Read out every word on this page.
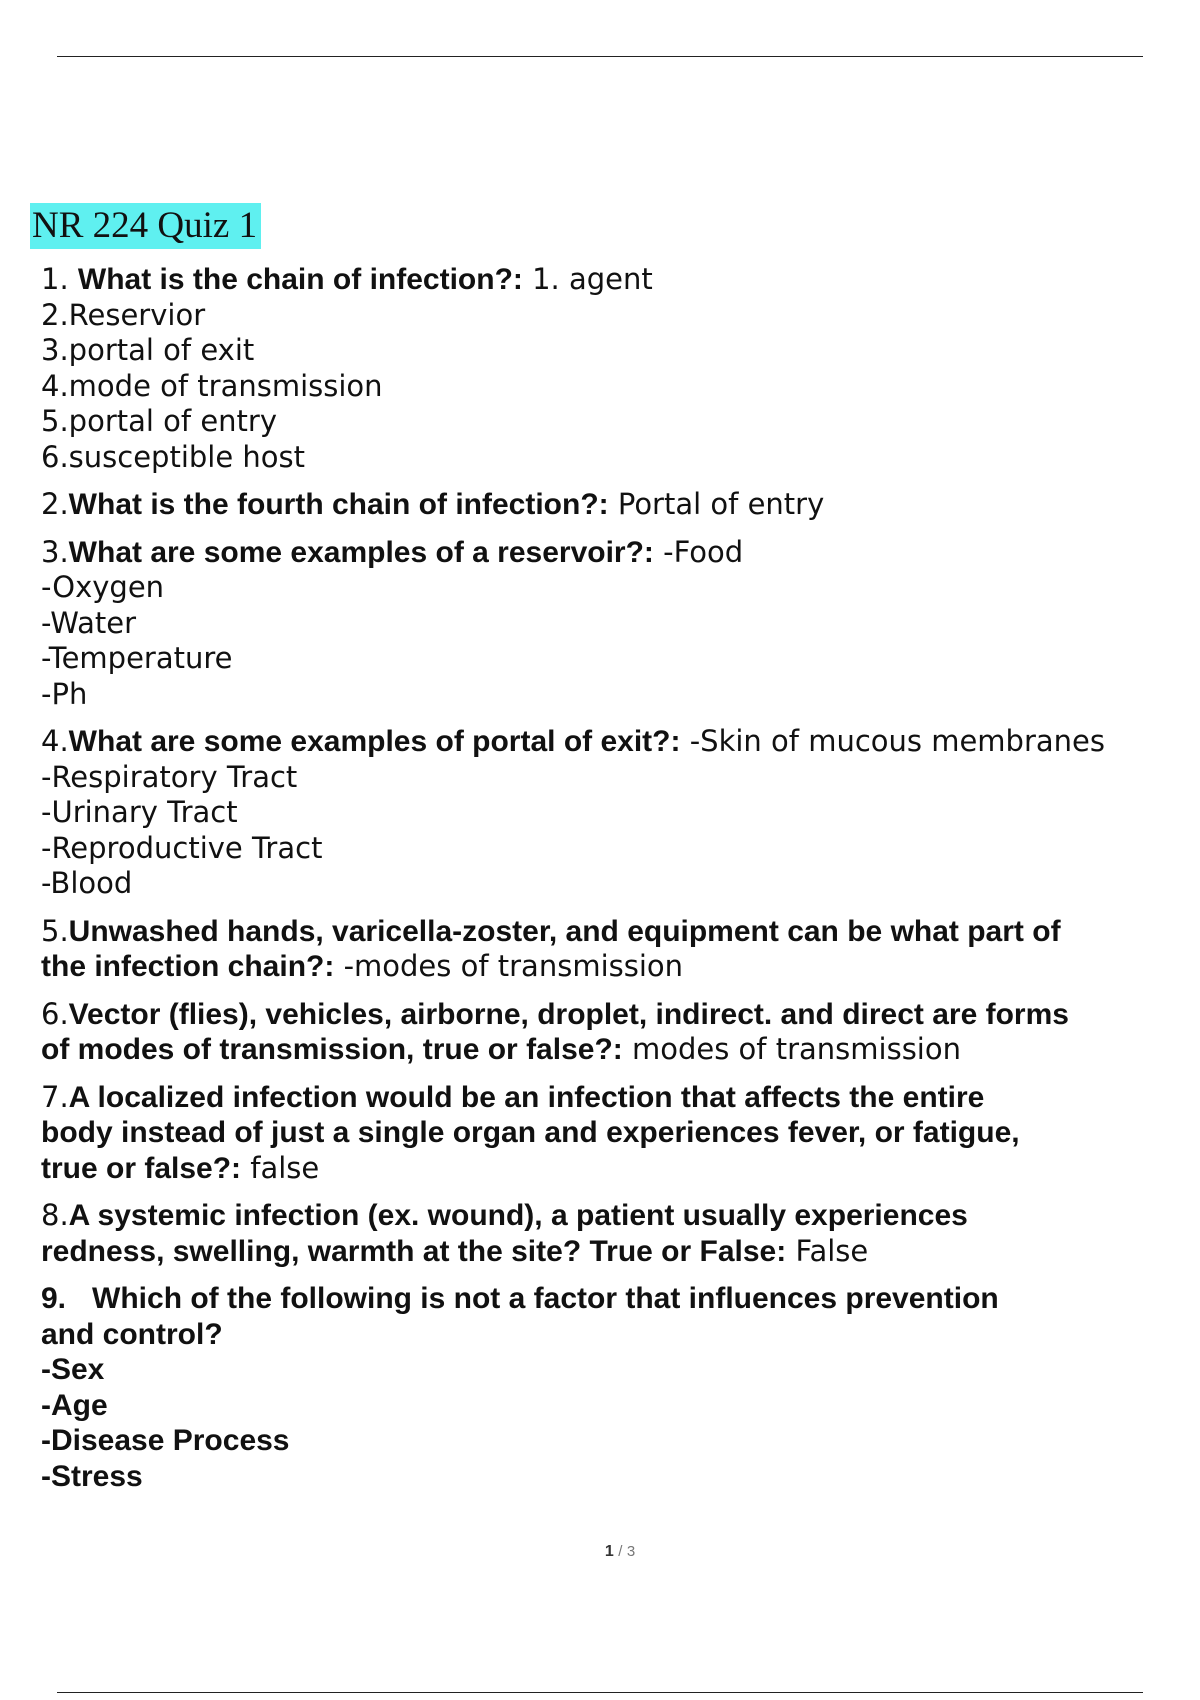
NR 224 Quiz 1
1. What is the chain of infection?: 1. agent
2.Reservior
3.portal of exit
4.mode of transmission
5.portal of entry
6.susceptible host
2.What is the fourth chain of infection?: Portal of entry
3.What are some examples of a reservoir?: -Food
-Oxygen
-Water
-Temperature
-Ph
4.What are some examples of portal of exit?: -Skin of mucous membranes
-Respiratory Tract
-Urinary Tract
-Reproductive Tract
-Blood
5.Unwashed hands, varicella-zoster, and equipment can be what part of
the infection chain?: -modes of transmission
6.Vector (flies), vehicles, airborne, droplet, indirect. and direct are forms
of modes of transmission, true or false?: modes of transmission
7.A localized infection would be an infection that affects the entire
body instead of just a single organ and experiences fever, or fatigue,
true or false?: false
8.A systemic infection (ex. wound), a patient usually experiences
redness, swelling, warmth at the site? True or False: False
9. Which of the following is not a factor that influences prevention
and control?
-Sex
-Age
-Disease Process
-Stress
1 / 3
